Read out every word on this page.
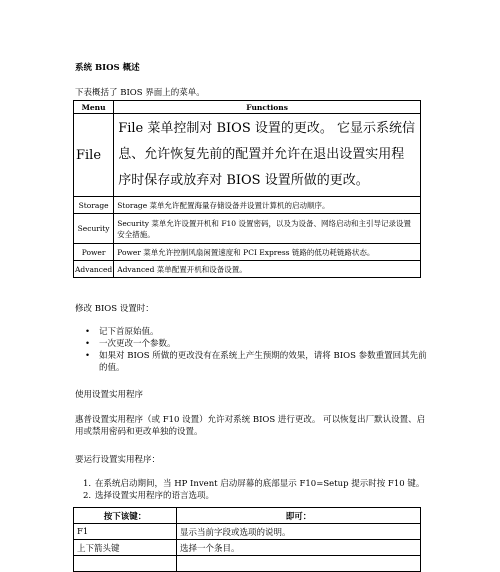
系统 BIOS 概述
下表概括了 BIOS 界面上的菜单。
Menu	Functions
File	File 菜单控制对 BIOS 设置的更改。 它显示系统信息、允许恢复先前的配置并允许在退出设置实用程序时保存或放弃对 BIOS 设置所做的更改。
Storage	Storage 菜单允许配置海量存储设备并设置计算机的启动顺序。
Security	Security 菜单允许设置开机和 F10 设置密码，以及为设备、网络启动和主引导记录设置安全措施。
Power	Power 菜单允许控制风扇闲置速度和 PCI Express 链路的低功耗链路状态。
Advanced	Advanced 菜单配置开机和设备设置。
修改 BIOS 设置时：
• 记下首原始值。
• 一次更改一个参数。
• 如果对 BIOS 所做的更改没有在系统上产生预期的效果，请将 BIOS 参数重置回其先前的值。
使用设置实用程序
惠普设置实用程序（或 F10 设置）允许对系统 BIOS 进行更改。 可以恢复出厂默认设置、启用或禁用密码和更改单独的设置。
要运行设置实用程序：
1. 在系统启动期间，当 HP Invent 启动屏幕的底部显示 F10=Setup 提示时按 F10 键。
2. 选择设置实用程序的语言选项。
按下该键：	即可：
F1	显示当前字段或选项的说明。
上下箭头键	选择一个条目。
